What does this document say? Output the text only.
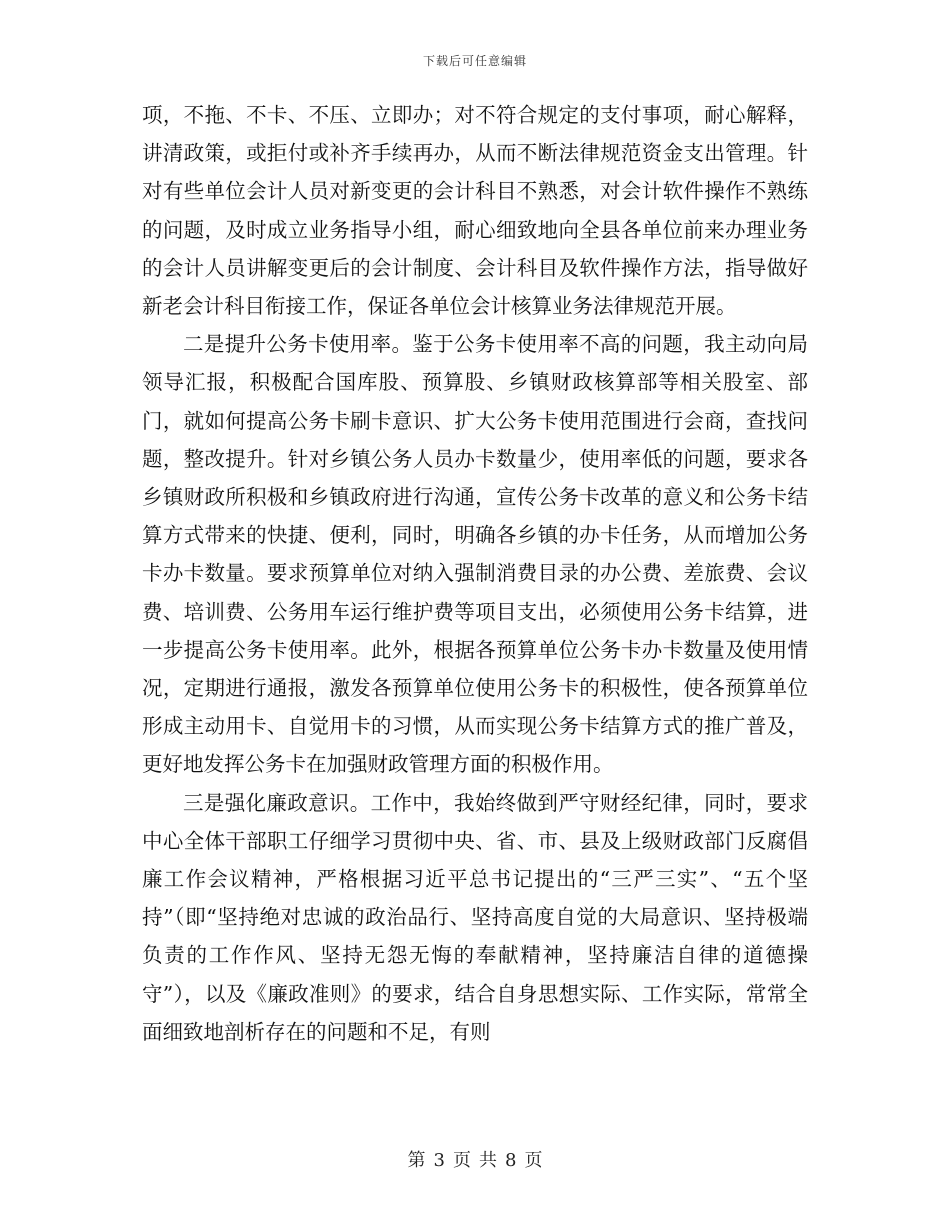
下载后可任意编辑

项，不拖、不卡、不压、立即办；对不符合规定的支付事项，耐心解释，讲清政策，或拒付或补齐手续再办，从而不断法律规范资金支出管理。针对有些单位会计人员对新变更的会计科目不熟悉，对会计软件操作不熟练的问题，及时成立业务指导小组，耐心细致地向全县各单位前来办理业务的会计人员讲解变更后的会计制度、会计科目及软件操作方法，指导做好新老会计科目衔接工作，保证各单位会计核算业务法律规范开展。

二是提升公务卡使用率。鉴于公务卡使用率不高的问题，我主动向局领导汇报，积极配合国库股、预算股、乡镇财政核算部等相关股室、部门，就如何提高公务卡刷卡意识、扩大公务卡使用范围进行会商，查找问题，整改提升。针对乡镇公务人员办卡数量少，使用率低的问题，要求各乡镇财政所积极和乡镇政府进行沟通，宣传公务卡改革的意义和公务卡结算方式带来的快捷、便利，同时，明确各乡镇的办卡任务，从而增加公务卡办卡数量。要求预算单位对纳入强制消费目录的办公费、差旅费、会议费、培训费、公务用车运行维护费等项目支出，必须使用公务卡结算，进一步提高公务卡使用率。此外，根据各预算单位公务卡办卡数量及使用情况，定期进行通报，激发各预算单位使用公务卡的积极性，使各预算单位形成主动用卡、自觉用卡的习惯，从而实现公务卡结算方式的推广普及，更好地发挥公务卡在加强财政管理方面的积极作用。

三是强化廉政意识。工作中，我始终做到严守财经纪律，同时，要求中心全体干部职工仔细学习贯彻中央、省、市、县及上级财政部门反腐倡廉工作会议精神，严格根据习近平总书记提出的“三严三实”、“五个坚持”（即“坚持绝对忠诚的政治品行、坚持高度自觉的大局意识、坚持极端负责的工作作风、坚持无怨无悔的奉献精神，坚持廉洁自律的道德操守”），以及《廉政准则》的要求，结合自身思想实际、工作实际，常常全面细致地剖析存在的问题和不足，有则

第 3 页 共 8 页
